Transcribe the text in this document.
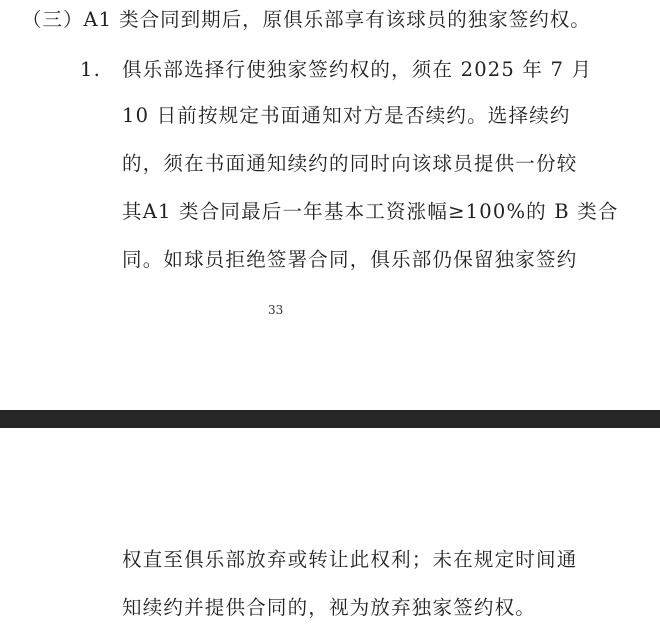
（三）A1 类合同到期后，原俱乐部享有该球员的独家签约权。
1. 俱乐部选择行使独家签约权的，须在 2025 年 7 月
10 日前按规定书面通知对方是否续约。选择续约
的，须在书面通知续约的同时向该球员提供一份较
其A1 类合同最后一年基本工资涨幅≥100%的 B 类合
同。如球员拒绝签署合同，俱乐部仍保留独家签约
33
权直至俱乐部放弃或转让此权利；未在规定时间通
知续约并提供合同的，视为放弃独家签约权。
